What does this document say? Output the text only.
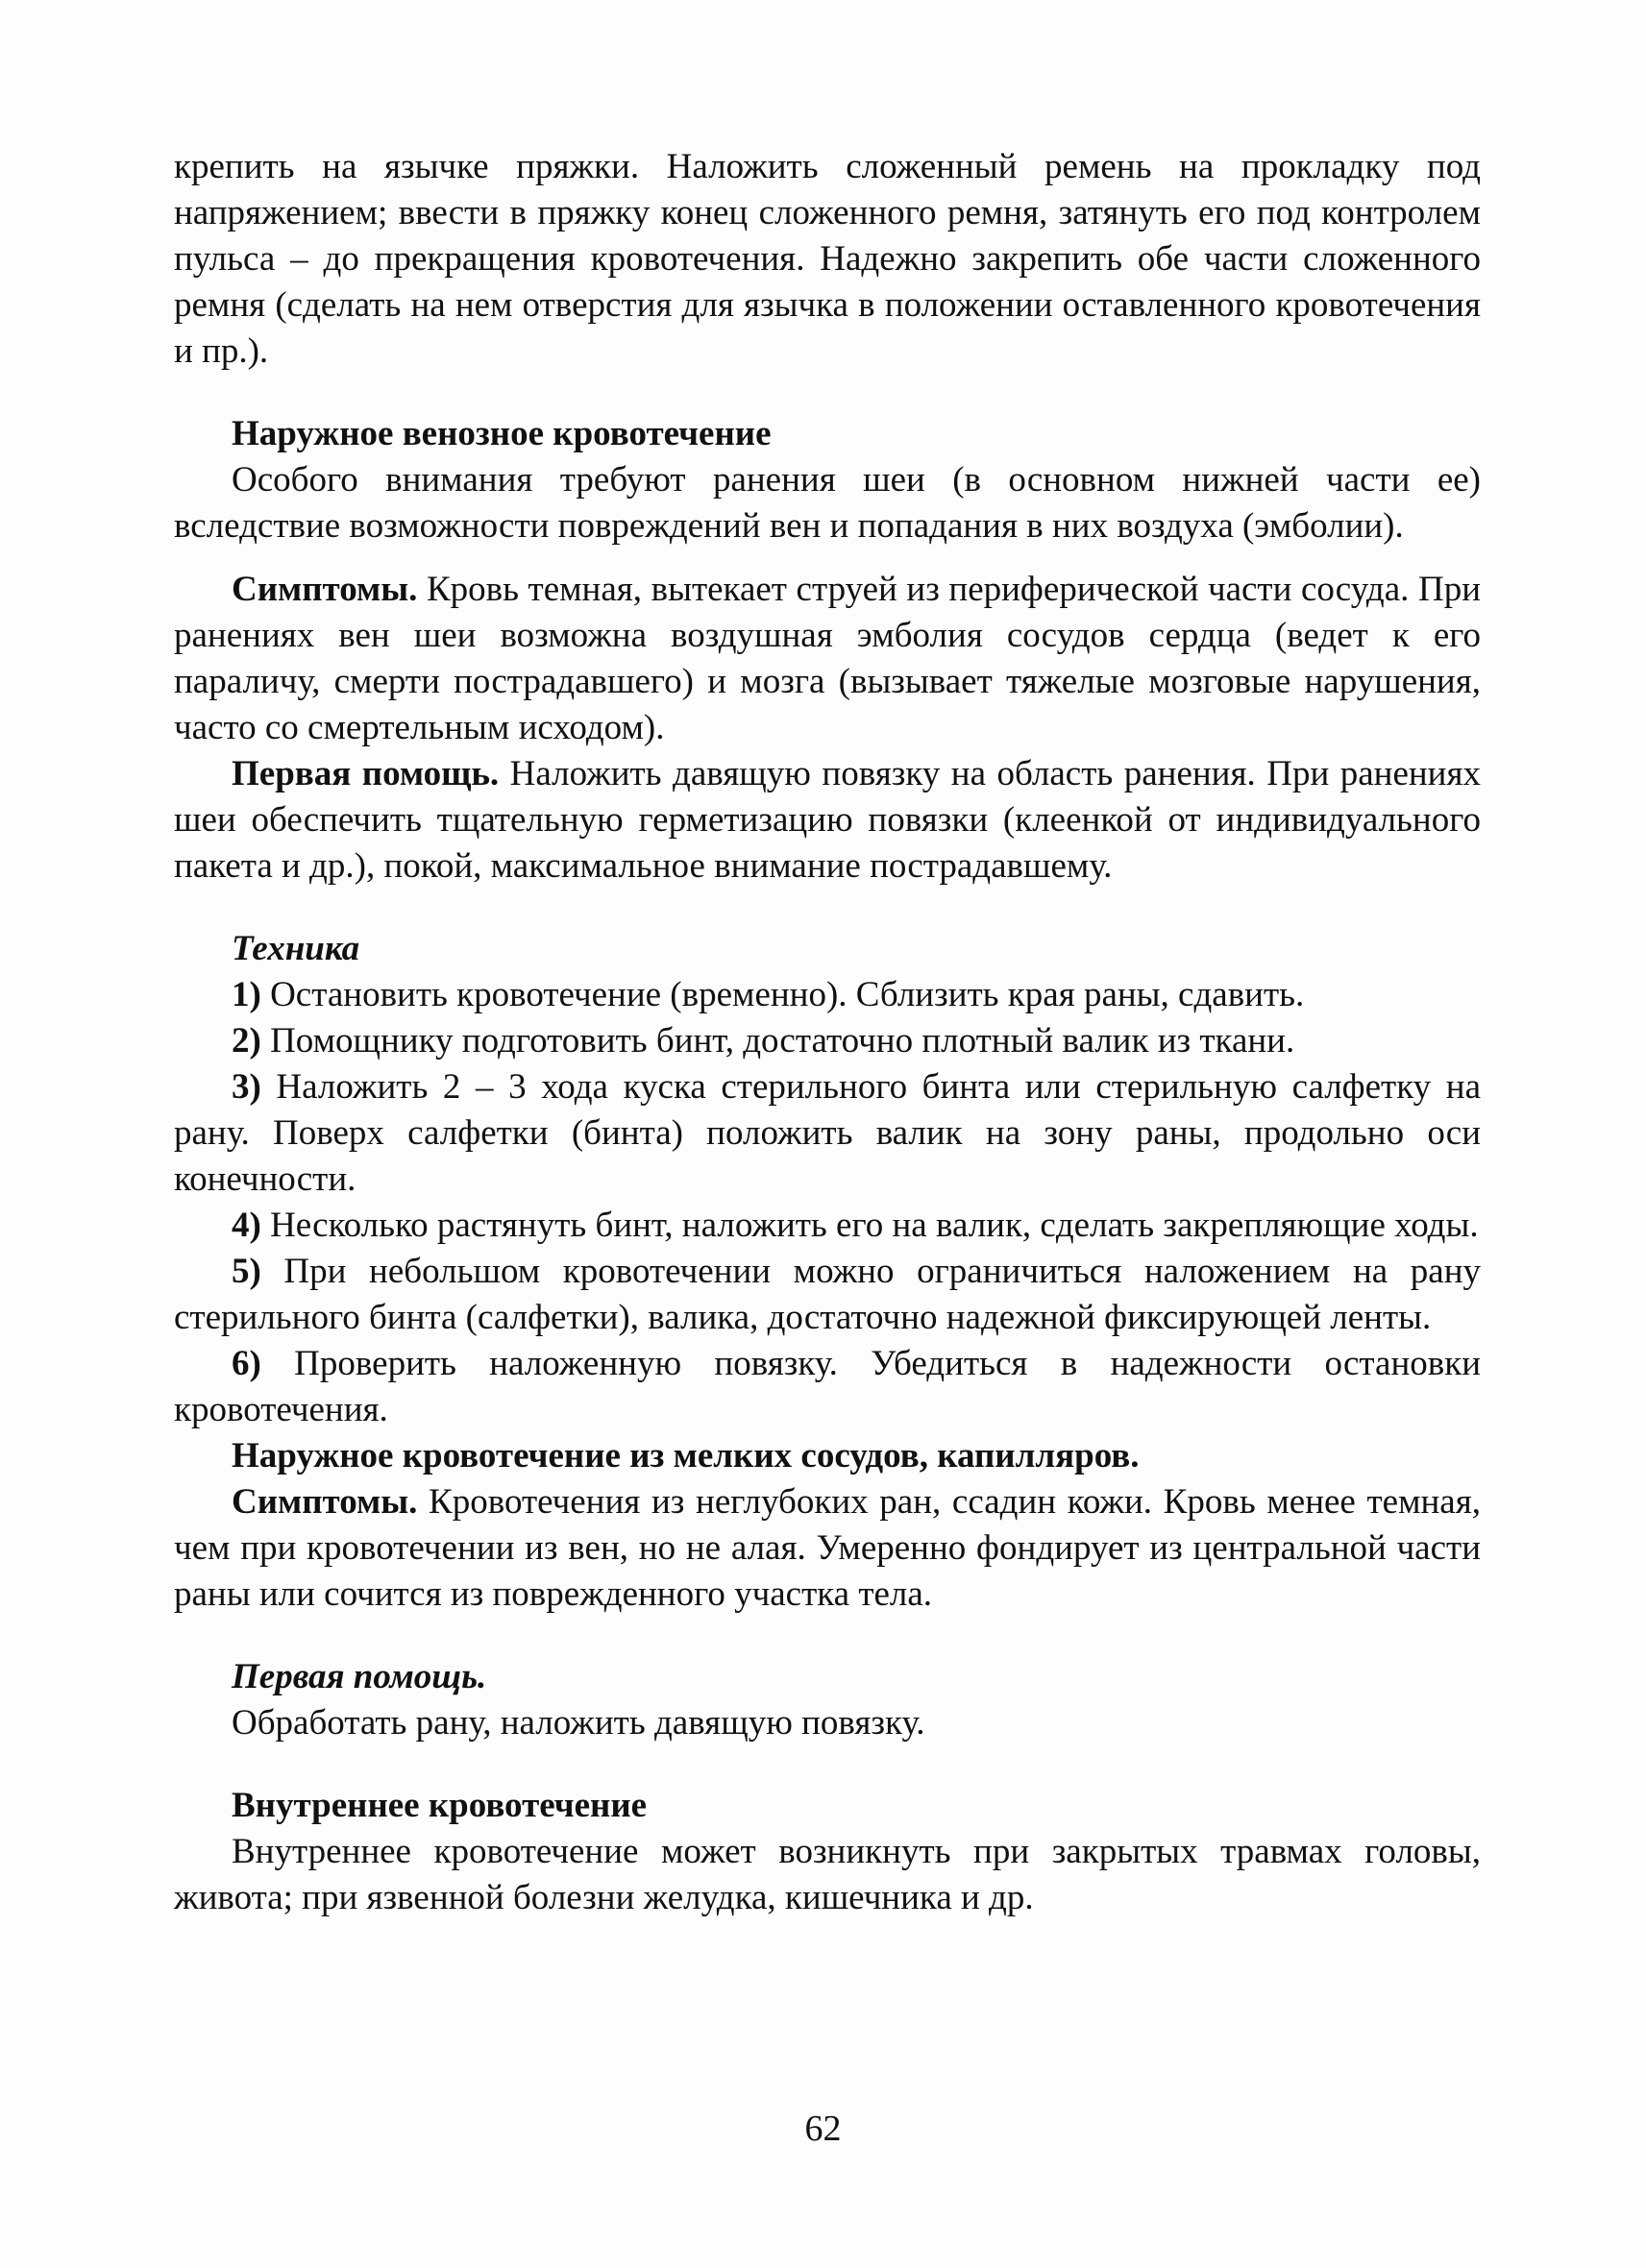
крепить на язычке пряжки. Наложить сложенный ремень на прокладку под напряжением; ввести в пряжку конец сложенного ремня, затянуть его под контролем пульса – до прекращения кровотечения. Надежно закрепить обе части сложенного ремня (сделать на нем отверстия для язычка в положении оставленного кровотечения и пр.).

Наружное венозное кровотечение

Особого внимания требуют ранения шеи (в основном нижней части ее) вследствие возможности повреждений вен и попадания в них воздуха (эмболии).

Симптомы. Кровь темная, вытекает струей из периферической части сосуда. При ранениях вен шеи возможна воздушная эмболия сосудов сердца (ведет к его параличу, смерти пострадавшего) и мозга (вызывает тяжелые мозговые нарушения, часто со смертельным исходом).

Первая помощь. Наложить давящую повязку на область ранения. При ранениях шеи обеспечить тщательную герметизацию повязки (клеенкой от индивидуального пакета и др.), покой, максимальное внимание пострадавшему.

Техника

1) Остановить кровотечение (временно). Сблизить края раны, сдавить.

2) Помощнику подготовить бинт, достаточно плотный валик из ткани.

3) Наложить 2 – 3 хода куска стерильного бинта или стерильную салфетку на рану. Поверх салфетки (бинта) положить валик на зону раны, продольно оси конечности.

4) Несколько растянуть бинт, наложить его на валик, сделать закрепляющие ходы.

5) При небольшом кровотечении можно ограничиться наложением на рану стерильного бинта (салфетки), валика, достаточно надежной фиксирующей ленты.

6) Проверить наложенную повязку. Убедиться в надежности остановки кровотечения.

Наружное кровотечение из мелких сосудов, капилляров.

Симптомы. Кровотечения из неглубоких ран, ссадин кожи. Кровь менее темная, чем при кровотечении из вен, но не алая. Умеренно фондирует из центральной части раны или сочится из поврежденного участка тела.

Первая помощь.

Обработать рану, наложить давящую повязку.

Внутреннее кровотечение

Внутреннее кровотечение может возникнуть при закрытых травмах головы, живота; при язвенной болезни желудка, кишечника и др.

62
